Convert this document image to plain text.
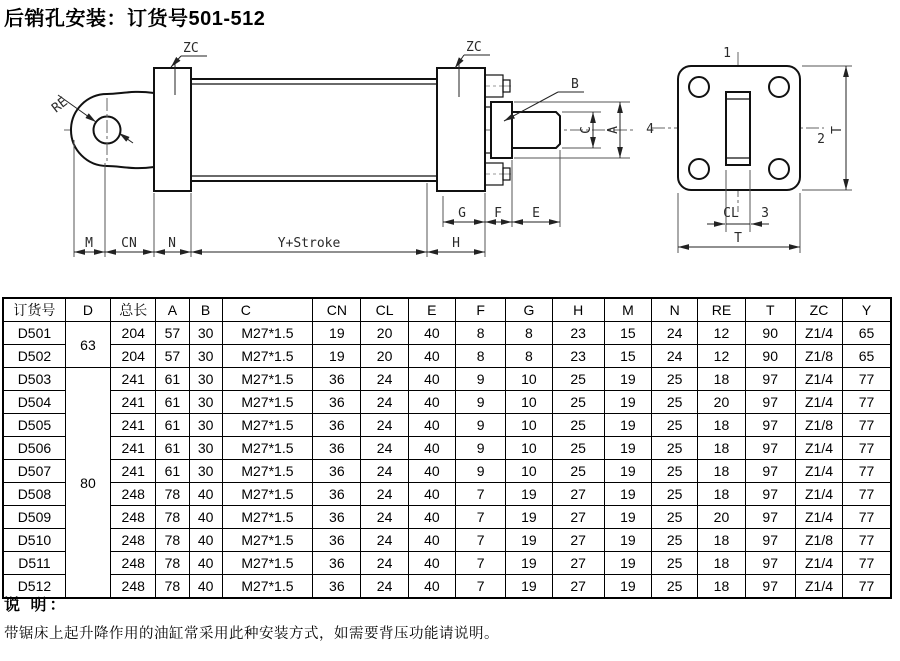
后销孔安装：订货号501-512
ZC	ZC
RE
B
C A
G F E
M CN N	Y+Stroke	H
1
4
2
T
CL 3
T
订货号	D	总长	A	B	C	CN	CL	E	F	G	H	M	N	RE	T	ZC	Y
D501	63	204	57	30	M27*1.5	19	20	40	8	8	23	15	24	12	90	Z1/4	65
D502		204	57	30	M27*1.5	19	20	40	8	8	23	15	24	12	90	Z1/8	65
D503	80	241	61	30	M27*1.5	36	24	40	9	10	25	19	25	18	97	Z1/4	77
D504		241	61	30	M27*1.5	36	24	40	9	10	25	19	25	20	97	Z1/4	77
D505		241	61	30	M27*1.5	36	24	40	9	10	25	19	25	18	97	Z1/8	77
D506		241	61	30	M27*1.5	36	24	40	9	10	25	19	25	18	97	Z1/4	77
D507		241	61	30	M27*1.5	36	24	40	9	10	25	19	25	18	97	Z1/4	77
D508		248	78	40	M27*1.5	36	24	40	7	19	27	19	25	18	97	Z1/4	77
D509		248	78	40	M27*1.5	36	24	40	7	19	27	19	25	20	97	Z1/4	77
D510		248	78	40	M27*1.5	36	24	40	7	19	27	19	25	18	97	Z1/8	77
D511		248	78	40	M27*1.5	36	24	40	7	19	27	19	25	18	97	Z1/4	77
D512		248	78	40	M27*1.5	36	24	40	7	19	27	19	25	18	97	Z1/4	77
说 明：
带锯床上起升降作用的油缸常采用此种安装方式，如需要背压功能请说明。
